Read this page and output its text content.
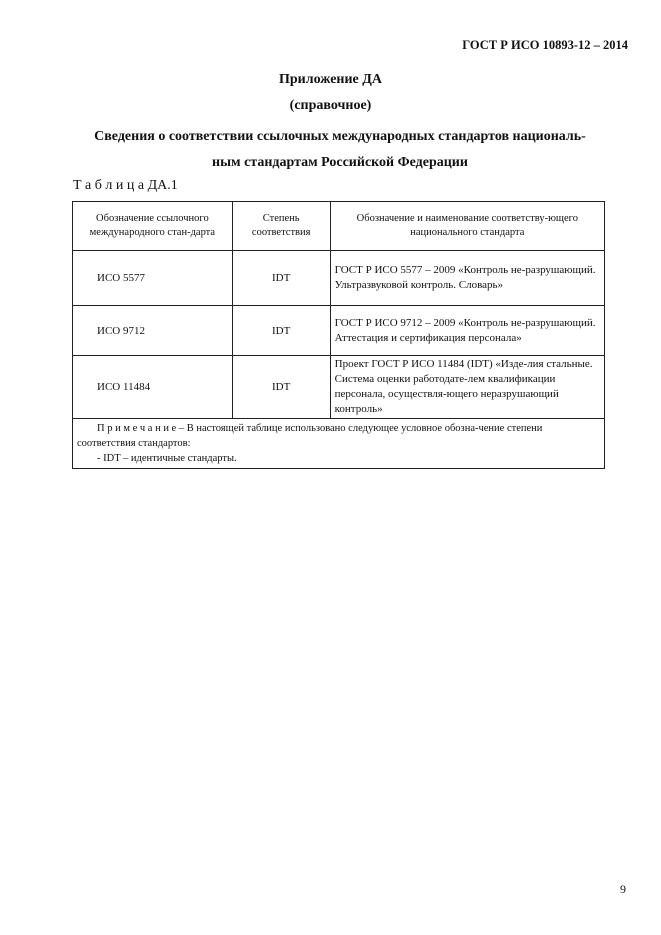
ГОСТ Р ИСО 10893-12 – 2014
Приложение ДА
(справочное)
Сведения о соответствии ссылочных международных стандартов националь-
ным стандартам Российской Федерации
Т а б л и ц а ДА.1
Обозначение ссылочного международного стан-дарта	Степень соответствия	Обозначение и наименование соответству-ющего национального стандарта
ИСО 5577	IDT	ГОСТ Р ИСО 5577 – 2009 «Контроль не-разрушающий. Ультразвуковой контроль. Словарь»
ИСО 9712	IDT	ГОСТ Р ИСО 9712 – 2009 «Контроль не-разрушающий. Аттестация и сертификация персонала»
ИСО 11484	IDT	Проект ГОСТ Р ИСО 11484 (IDT) «Изде-лия стальные. Система оценки работодате-лем квалификации персонала, осуществля-ющего неразрушающий контроль»

П р и м е ч а н и е – В настоящей таблице использовано следующее условное обозна-чение степени соответствия стандартов:
- IDT – идентичные стандарты.		
9
